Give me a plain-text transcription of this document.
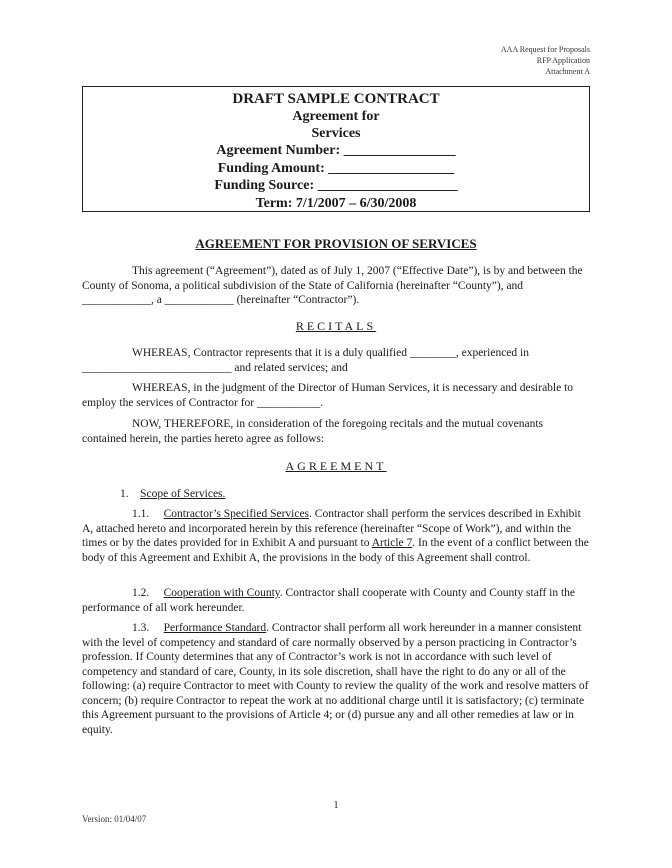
AAA Request for Proposals
RFP Application
Attachment A
DRAFT SAMPLE CONTRACT
Agreement for
Services
Agreement Number: ________________
Funding Amount: __________________
Funding Source: ____________________
Term: 7/1/2007 – 6/30/2008
AGREEMENT FOR PROVISION OF SERVICES

This agreement (“Agreement”), dated as of July 1, 2007 (“Effective Date”), is by and between the County of Sonoma, a political subdivision of the State of California (hereinafter “County”), and ____________, a ____________ (hereinafter “Contractor”).

RECITALS

WHEREAS, Contractor represents that it is a duly qualified ________, experienced in __________________________ and related services; and

WHEREAS, in the judgment of the Director of Human Services, it is necessary and desirable to employ the services of Contractor for ___________.

NOW, THEREFORE, in consideration of the foregoing recitals and the mutual covenants contained herein, the parties hereto agree as follows:

AGREEMENT
1. Scope of Services.

1.1. Contractor’s Specified Services. Contractor shall perform the services described in Exhibit A, attached hereto and incorporated herein by this reference (hereinafter “Scope of Work”), and within the times or by the dates provided for in Exhibit A and pursuant to Article 7. In the event of a conflict between the body of this Agreement and Exhibit A, the provisions in the body of this Agreement shall control.

1.2. Cooperation with County. Contractor shall cooperate with County and County staff in the performance of all work hereunder.

1.3. Performance Standard. Contractor shall perform all work hereunder in a manner consistent with the level of competency and standard of care normally observed by a person practicing in Contractor’s profession. If County determines that any of Contractor’s work is not in accordance with such level of competency and standard of care, County, in its sole discretion, shall have the right to do any or all of the following: (a) require Contractor to meet with County to review the quality of the work and resolve matters of concern; (b) require Contractor to repeat the work at no additional charge until it is satisfactory; (c) terminate this Agreement pursuant to the provisions of Article 4; or (d) pursue any and all other remedies at law or in equity.

1
Version: 01/04/07
